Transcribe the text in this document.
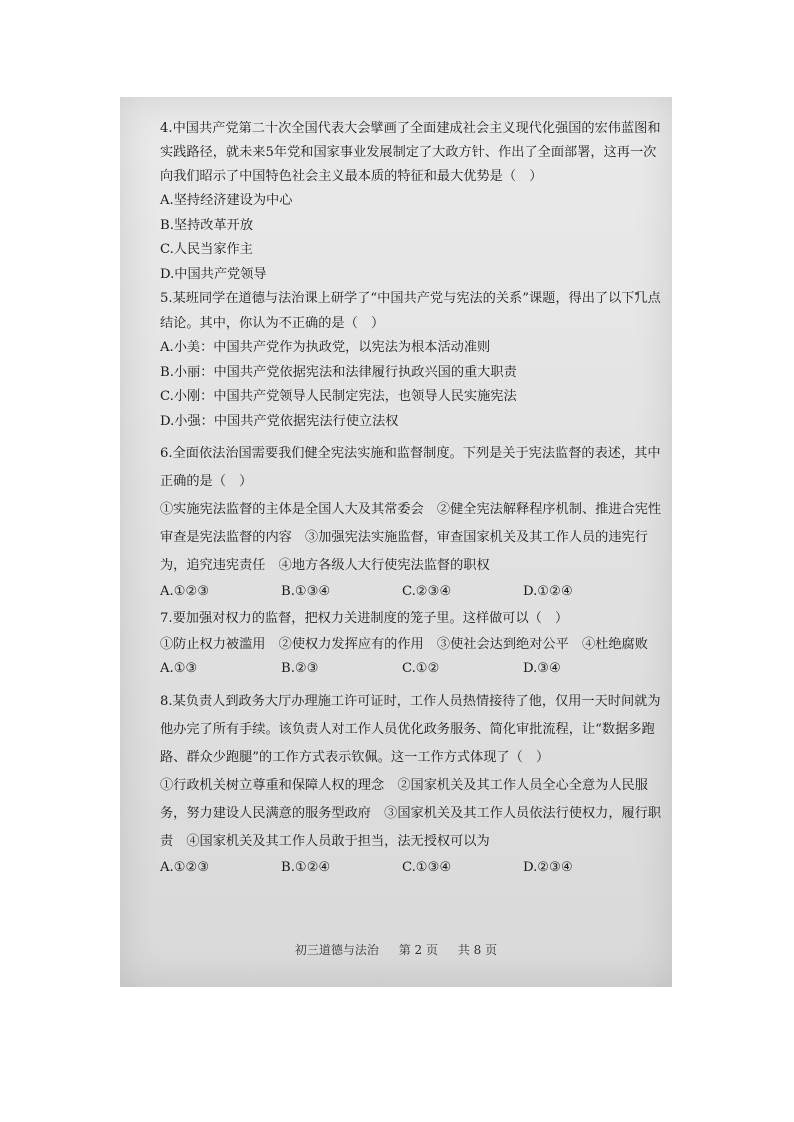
4.中国共产党第二十次全国代表大会擘画了全面建成社会主义现代化强国的宏伟蓝图和实践路径，就未来5年党和国家事业发展制定了大政方针、作出了全面部署，这再一次向我们昭示了中国特色社会主义最本质的特征和最大优势是（　）

A.坚持经济建设为中心

B.坚持改革开放

C.人民当家作主

D.中国共产党领导

5.某班同学在道德与法治课上研学了“中国共产党与宪法的关系”课题，得出了以下几点结论。其中，你认为不正确的是（　）

A.小美：中国共产党作为执政党，以宪法为根本活动准则

B.小丽：中国共产党依据宪法和法律履行执政兴国的重大职责

C.小刚：中国共产党领导人民制定宪法，也领导人民实施宪法

D.小强：中国共产党依据宪法行使立法权

6.全面依法治国需要我们健全宪法实施和监督制度。下列是关于宪法监督的表述，其中正确的是（　）

①实施宪法监督的主体是全国人大及其常委会　②健全宪法解释程序机制、推进合宪性审查是宪法监督的内容　③加强宪法实施监督，审查国家机关及其工作人员的违宪行为，追究违宪责任　④地方各级人大行使宪法监督的职权

A.①②③	B.①③④	C.②③④	D.①②④

7.要加强对权力的监督，把权力关进制度的笼子里。这样做可以（　）

①防止权力被滥用　②使权力发挥应有的作用　③使社会达到绝对公平　④杜绝腐败

A.①③	B.②③	C.①②	D.③④

8.某负责人到政务大厅办理施工许可证时，工作人员热情接待了他，仅用一天时间就为他办完了所有手续。该负责人对工作人员优化政务服务、简化审批流程，让“数据多跑路、群众少跑腿”的工作方式表示钦佩。这一工作方式体现了（　）

①行政机关树立尊重和保障人权的理念　②国家机关及其工作人员全心全意为人民服务，努力建设人民满意的服务型政府　③国家机关及其工作人员依法行使权力，履行职责　④国家机关及其工作人员敢于担当，法无授权可以为

A.①②③	B.①②④	C.①③④	D.②③④
初三道德与法治 第 2 页 共 8 页
